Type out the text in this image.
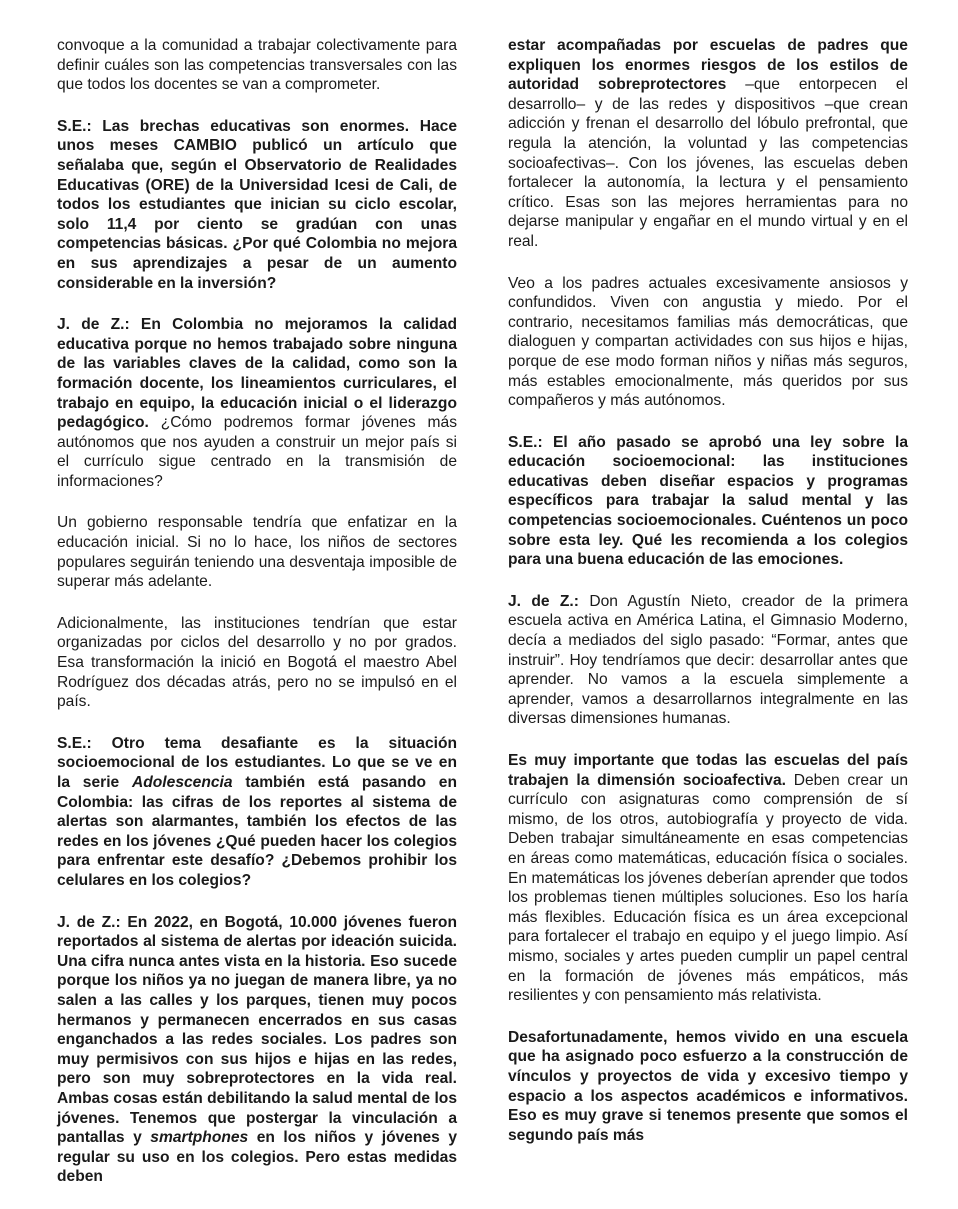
convoque a la comunidad a trabajar colectivamente para definir cuáles son las competencias transversales con las que todos los docentes se van a comprometer.

S.E.: Las brechas educativas son enormes. Hace unos meses CAMBIO publicó un artículo que señalaba que, según el Observatorio de Realidades Educativas (ORE) de la Universidad Icesi de Cali, de todos los estudiantes que inician su ciclo escolar, solo 11,4 por ciento se gradúan con unas competencias básicas. ¿Por qué Colombia no mejora en sus aprendizajes a pesar de un aumento considerable en la inversión?

J. de Z.: En Colombia no mejoramos la calidad educativa porque no hemos trabajado sobre ninguna de las variables claves de la calidad, como son la formación docente, los lineamientos curriculares, el trabajo en equipo, la educación inicial o el liderazgo pedagógico. ¿Cómo podremos formar jóvenes más autónomos que nos ayuden a construir un mejor país si el currículo sigue centrado en la transmisión de informaciones?

Un gobierno responsable tendría que enfatizar en la educación inicial. Si no lo hace, los niños de sectores populares seguirán teniendo una desventaja imposible de superar más adelante.

Adicionalmente, las instituciones tendrían que estar organizadas por ciclos del desarrollo y no por grados. Esa transformación la inició en Bogotá el maestro Abel Rodríguez dos décadas atrás, pero no se impulsó en el país.

S.E.: Otro tema desafiante es la situación socioemocional de los estudiantes. Lo que se ve en la serie Adolescencia también está pasando en Colombia: las cifras de los reportes al sistema de alertas son alarmantes, también los efectos de las redes en los jóvenes ¿Qué pueden hacer los colegios para enfrentar este desafío? ¿Debemos prohibir los celulares en los colegios?

J. de Z.: En 2022, en Bogotá, 10.000 jóvenes fueron reportados al sistema de alertas por ideación suicida. Una cifra nunca antes vista en la historia. Eso sucede porque los niños ya no juegan de manera libre, ya no salen a las calles y los parques, tienen muy pocos hermanos y permanecen encerrados en sus casas enganchados a las redes sociales. Los padres son muy permisivos con sus hijos e hijas en las redes, pero son muy sobreprotectores en la vida real. Ambas cosas están debilitando la salud mental de los jóvenes. Tenemos que postergar la vinculación a pantallas y smartphones en los niños y jóvenes y regular su uso en los colegios. Pero estas medidas deben

estar acompañadas por escuelas de padres que expliquen los enormes riesgos de los estilos de autoridad sobreprotectores –que entorpecen el desarrollo– y de las redes y dispositivos –que crean adicción y frenan el desarrollo del lóbulo prefrontal, que regula la atención, la voluntad y las competencias socioafectivas–. Con los jóvenes, las escuelas deben fortalecer la autonomía, la lectura y el pensamiento crítico. Esas son las mejores herramientas para no dejarse manipular y engañar en el mundo virtual y en el real.

Veo a los padres actuales excesivamente ansiosos y confundidos. Viven con angustia y miedo. Por el contrario, necesitamos familias más democráticas, que dialoguen y compartan actividades con sus hijos e hijas, porque de ese modo forman niños y niñas más seguros, más estables emocionalmente, más queridos por sus compañeros y más autónomos.

S.E.: El año pasado se aprobó una ley sobre la educación socioemocional: las instituciones educativas deben diseñar espacios y programas específicos para trabajar la salud mental y las competencias socioemocionales. Cuéntenos un poco sobre esta ley. Qué les recomienda a los colegios para una buena educación de las emociones.

J. de Z.: Don Agustín Nieto, creador de la primera escuela activa en América Latina, el Gimnasio Moderno, decía a mediados del siglo pasado: “Formar, antes que instruir”. Hoy tendríamos que decir: desarrollar antes que aprender. No vamos a la escuela simplemente a aprender, vamos a desarrollarnos integralmente en las diversas dimensiones humanas.

Es muy importante que todas las escuelas del país trabajen la dimensión socioafectiva. Deben crear un currículo con asignaturas como comprensión de sí mismo, de los otros, autobiografía y proyecto de vida. Deben trabajar simultáneamente en esas competencias en áreas como matemáticas, educación física o sociales. En matemáticas los jóvenes deberían aprender que todos los problemas tienen múltiples soluciones. Eso los haría más flexibles. Educación física es un área excepcional para fortalecer el trabajo en equipo y el juego limpio. Así mismo, sociales y artes pueden cumplir un papel central en la formación de jóvenes más empáticos, más resilientes y con pensamiento más relativista.

Desafortunadamente, hemos vivido en una escuela que ha asignado poco esfuerzo a la construcción de vínculos y proyectos de vida y excesivo tiempo y espacio a los aspectos académicos e informativos. Eso es muy grave si tenemos presente que somos el segundo país más
